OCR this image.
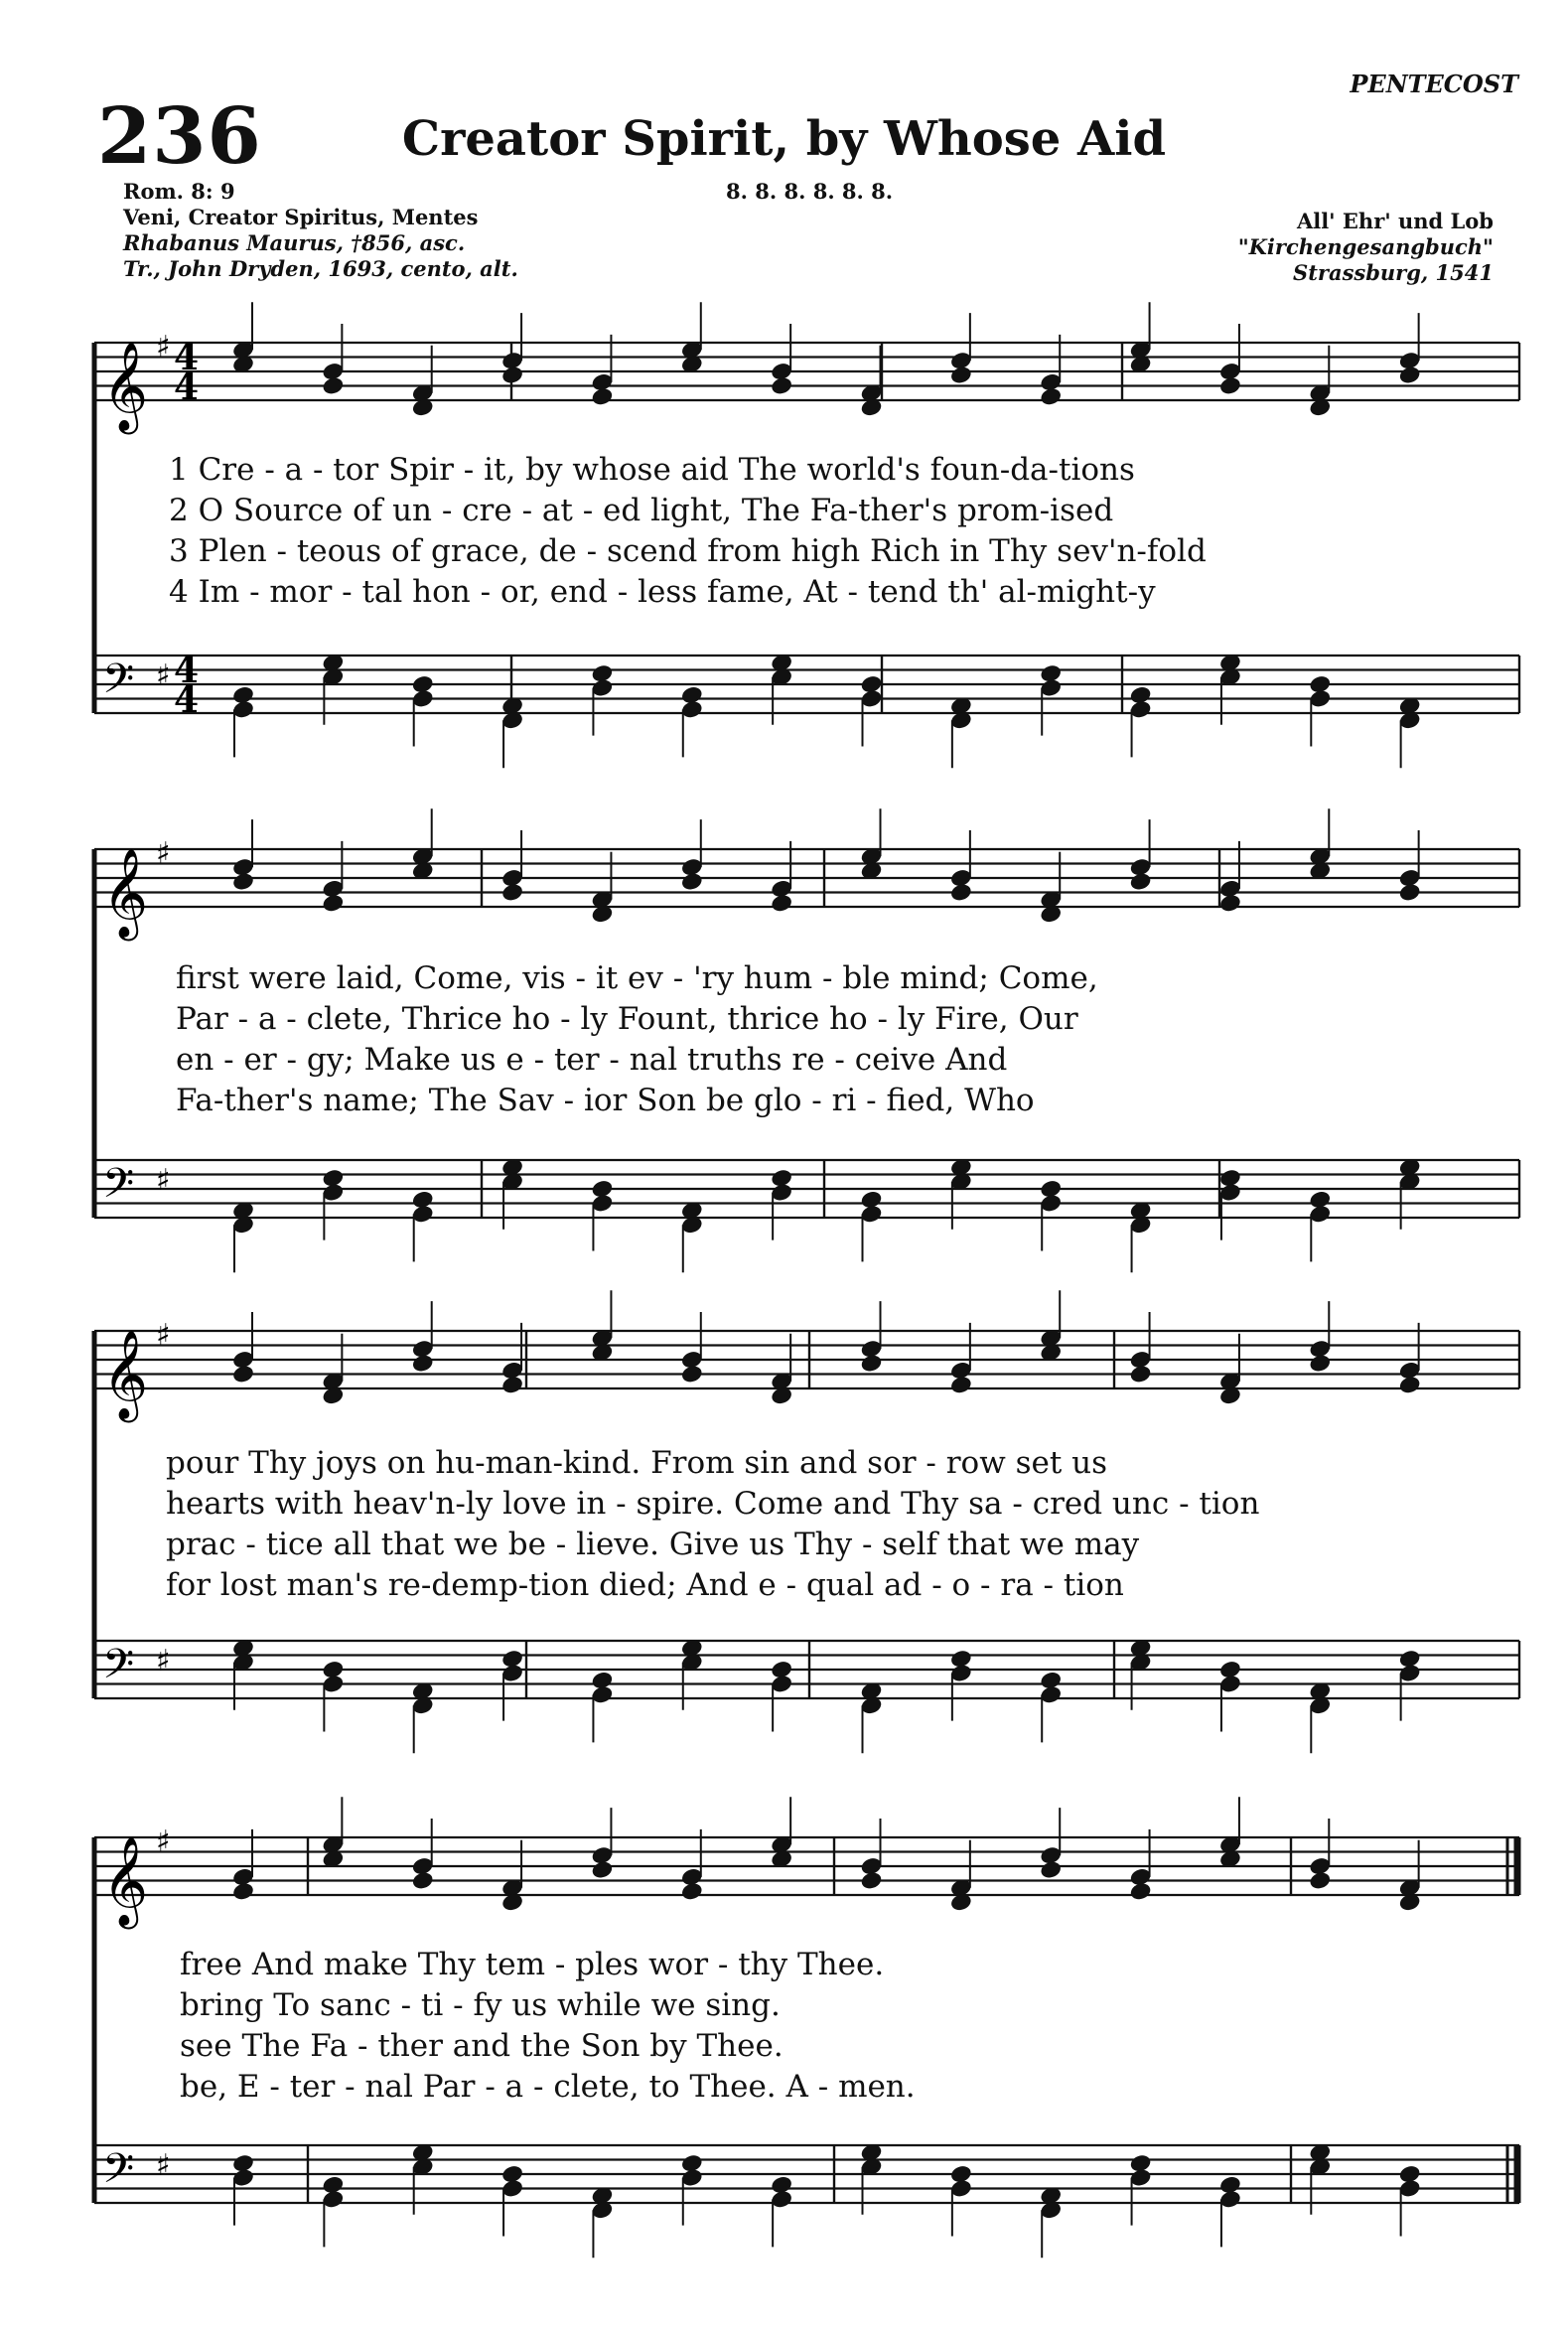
236
PENTECOST
Creator Spirit, by Whose Aid
Rom. 8: 9
Veni, Creator Spiritus, Mentes
Rhabanus Maurus, †856, asc.
Tr., John Dryden, 1693, cento, alt.
8. 8. 8. 8. 8. 8.
All' Ehr' und Lob
"Kirchengesangbuch"
Strassburg, 1541
𝄞 ♯
𝄢 ♯
𝄞 ♯
𝄢 ♯
𝄞 ♯
𝄢 ♯
𝄞 ♯
𝄢 ♯
4
4
4
4
1 Cre - a - tor Spir - it, by whose aid The world's foun-da-tions
2 O Source of un - cre - at - ed light, The Fa-ther's prom-ised
3 Plen - teous of grace, de - scend from high Rich in Thy sev'n-fold
4 Im - mor - tal hon - or, end - less fame, At - tend th' al-might-y
first were laid, Come, vis - it ev - 'ry hum - ble mind; Come,
Par - a - clete, Thrice ho - ly Fount, thrice ho - ly Fire, Our
en - er - gy; Make us e - ter - nal truths re - ceive And
Fa-ther's name; The Sav - ior Son be glo - ri - fied, Who
pour Thy joys on hu-man-kind. From sin and sor - row set us
hearts with heav'n-ly love in - spire. Come and Thy sa - cred unc - tion
prac - tice all that we be - lieve. Give us Thy - self that we may
for lost man's re-demp-tion died; And e - qual ad - o - ra - tion
free And make Thy tem - ples wor - thy Thee.
bring To sanc - ti - fy us while we sing.
see The Fa - ther and the Son by Thee.
be, E - ter - nal Par - a - clete, to Thee. A - men.
